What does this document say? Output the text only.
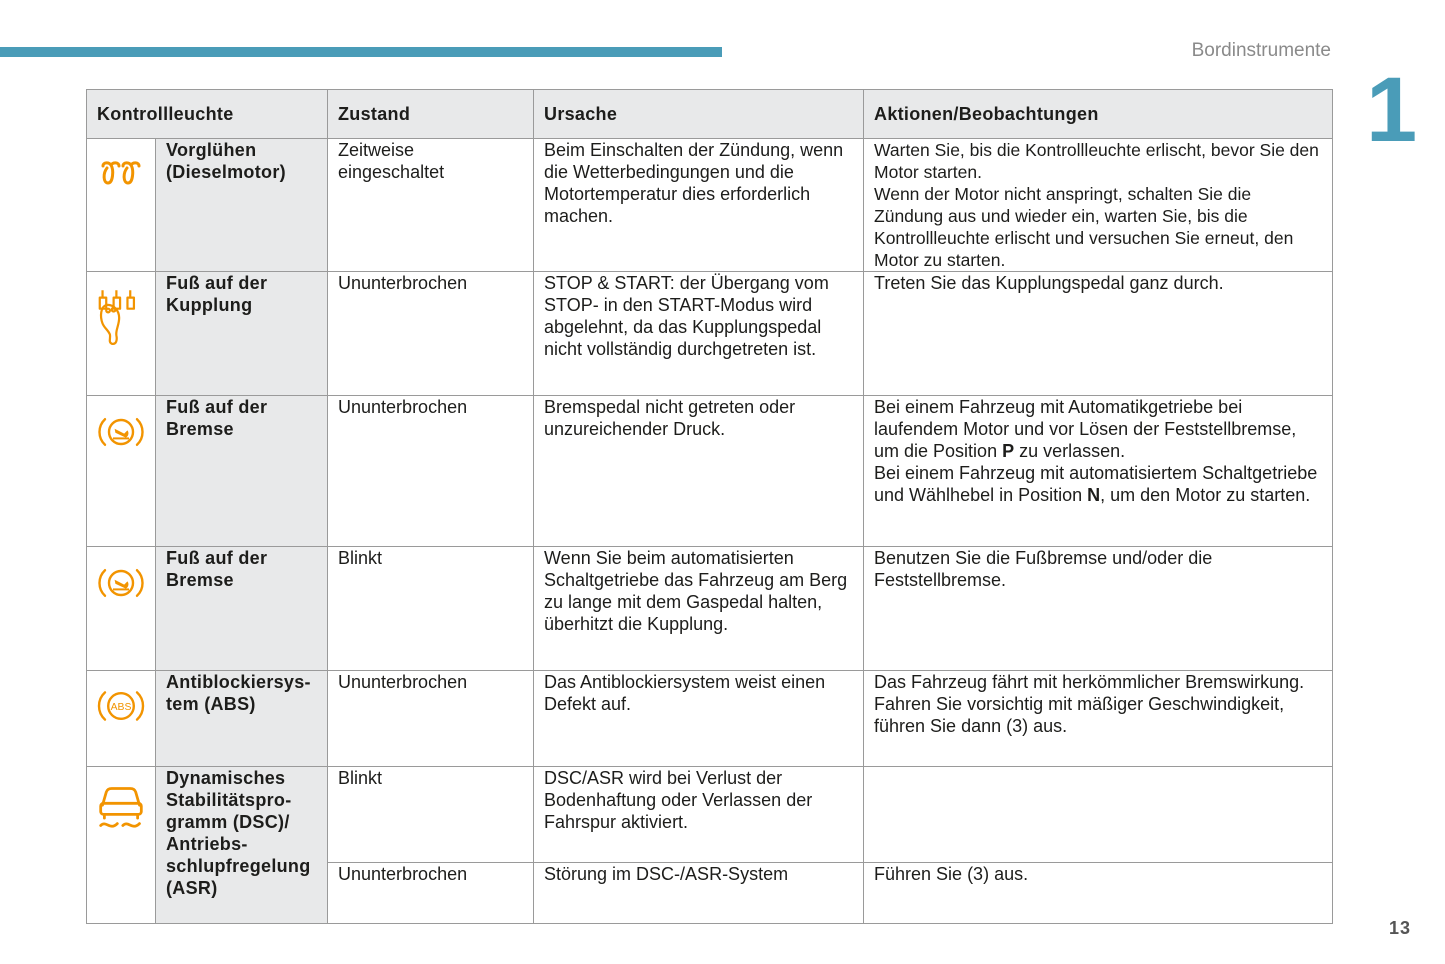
Bordinstrumente
1
Kontrollleuchte		Zustand	Ursache	Aktionen/Beobachtungen

	Vorglühen (Dieselmotor)	Zeitweise eingeschaltet	Beim Einschalten der Zündung, wenn die Wetterbedingungen und die Motortemperatur dies erforderlich machen.	Warten Sie, bis die Kontrollleuchte erlischt, bevor Sie den Motor starten.
Wenn der Motor nicht anspringt, schalten Sie die Zündung aus und wieder ein, warten Sie, bis die Kontrollleuchte erlischt und versuchen Sie erneut, den Motor zu starten.

	Fuß auf der Kupplung	Ununterbrochen	STOP & START: der Übergang vom STOP- in den START-Modus wird abgelehnt, da das Kupplungspedal nicht vollständig durchgetreten ist.	Treten Sie das Kupplungspedal ganz durch.

	Fuß auf der Bremse	Ununterbrochen	Bremspedal nicht getreten oder unzureichender Druck.	Bei einem Fahrzeug mit Automatikgetriebe bei laufendem Motor und vor Lösen der Feststellbremse, um die Position P zu verlassen.
Bei einem Fahrzeug mit automatisiertem Schaltgetriebe und Wählhebel in Position N, um den Motor zu starten.

	Fuß auf der Bremse	Blinkt	Wenn Sie beim automatisierten Schaltgetriebe das Fahrzeug am Berg zu lange mit dem Gaspedal halten, überhitzt die Kupplung.	Benutzen Sie die Fußbremse und/oder die Feststellbremse.

ABS	Antiblockiersys- tem (ABS)	Ununterbrochen	Das Antiblockiersystem weist einen Defekt auf.	Das Fahrzeug fährt mit herkömmlicher Bremswirkung. Fahren Sie vorsichtig mit mäßiger Geschwindigkeit, führen Sie dann (3) aus.

	Dynamisches Stabilitätspro- gramm (DSC)/ Antriebs- schlupfregelung (ASR)	Blinkt	DSC/ASR wird bei Verlust der Bodenhaftung oder Verlassen der Fahrspur aktiviert.	
		Ununterbrochen	Störung im DSC-/ASR-System	Führen Sie (3) aus.
13
